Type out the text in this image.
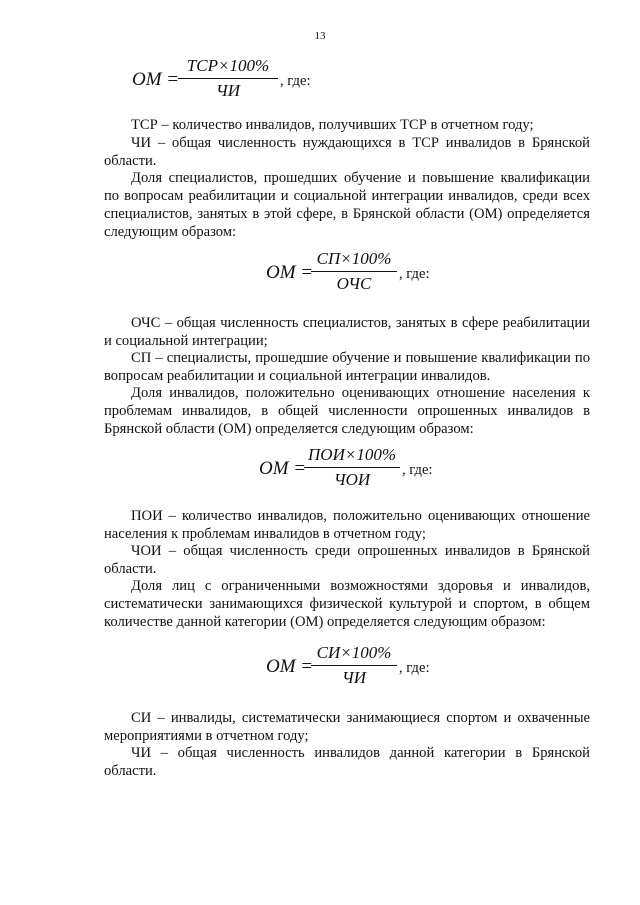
13
ОМ =
ТСР×100%
ЧИ	, где:

ТСР – количество инвалидов, получивших ТСР в отчетном году;

ЧИ – общая численность нуждающихся в ТСР инвалидов в Брянской области.

Доля специалистов, прошедших обучение и повышение квалификации по вопросам реабилитации и социальной интеграции инвалидов, среди всех специалистов, занятых в этой сфере, в Брянской области (ОМ) определяется следующим образом:

ОМ =
СП×100%
ОЧС	, где:

ОЧС – общая численность специалистов, занятых в сфере реабилитации и социальной интеграции;

СП – специалисты, прошедшие обучение и повышение квалификации по вопросам реабилитации и социальной интеграции инвалидов.

Доля инвалидов, положительно оценивающих отношение населения к проблемам инвалидов, в общей численности опрошенных инвалидов в Брянской области (ОМ) определяется следующим образом:

ОМ =
ПОИ×100%
ЧОИ	, где:

ПОИ – количество инвалидов, положительно оценивающих отношение населения к проблемам инвалидов в отчетном году;

ЧОИ – общая численность среди опрошенных инвалидов в Брянской области.

Доля лиц с ограниченными возможностями здоровья и инвалидов, систематически занимающихся физической культурой и спортом, в общем количестве данной категории (ОМ) определяется следующим образом:

ОМ =
СИ×100%
ЧИ	, где:

СИ – инвалиды, систематически занимающиеся спортом и охваченные мероприятиями в отчетном году;

ЧИ – общая численность инвалидов данной категории в Брянской области.
